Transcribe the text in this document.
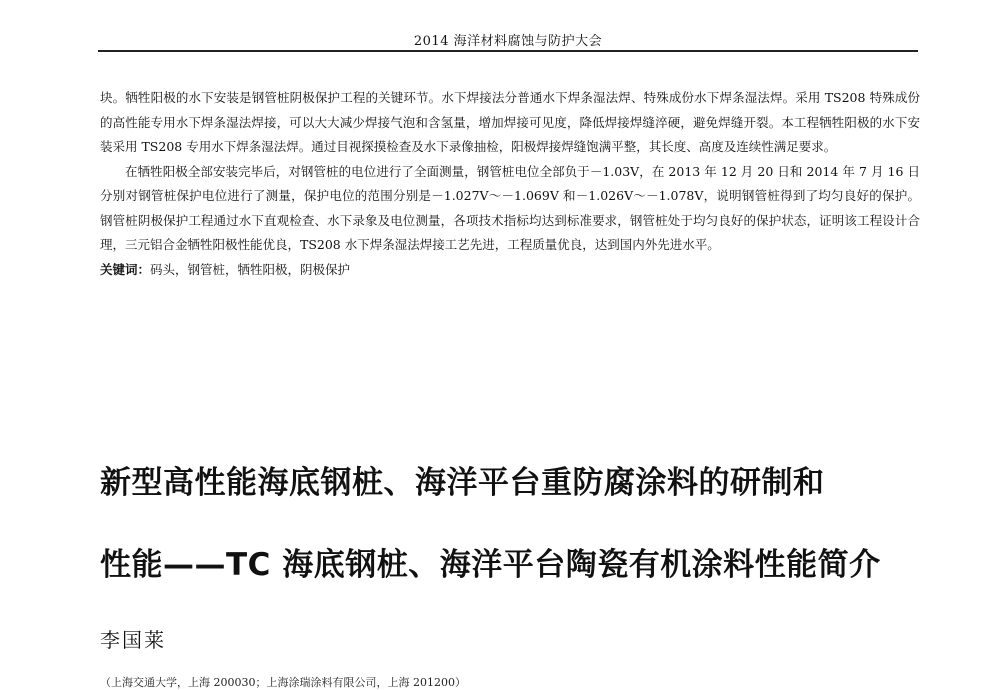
2014 海洋材料腐蚀与防护大会

块。牺牲阳极的水下安装是钢管桩阴极保护工程的关键环节。水下焊接法分普通水下焊条湿法焊、特殊成份水下焊条湿法焊。采用 TS208 特殊成份的高性能专用水下焊条湿法焊接，可以大大减少焊接气泡和含氢量，增加焊接可见度，降低焊接焊缝淬硬，避免焊缝开裂。本工程牺牲阳极的水下安装采用 TS208 专用水下焊条湿法焊。通过目视探摸检查及水下录像抽检，阳极焊接焊缝饱满平整，其长度、高度及连续性满足要求。

在牺牲阳极全部安装完毕后，对钢管桩的电位进行了全面测量，钢管桩电位全部负于－1.03V，在 2013 年 12 月 20 日和 2014 年 7 月 16 日分别对钢管桩保护电位进行了测量，保护电位的范围分别是－1.027V～－1.069V 和－1.026V～－1.078V，说明钢管桩得到了均匀良好的保护。钢管桩阴极保护工程通过水下直观检查、水下录象及电位测量，各项技术指标均达到标准要求，钢管桩处于均匀良好的保护状态，证明该工程设计合理，三元铝合金牺牲阳极性能优良，TS208 水下焊条湿法焊接工艺先进，工程质量优良，达到国内外先进水平。

关键词：码头，钢管桩，牺牲阳极，阴极保护

新型高性能海底钢桩、海洋平台重防腐涂料的研制和
性能——TC 海底钢桩、海洋平台陶瓷有机涂料性能简介
李国莱
（上海交通大学，上海 200030；上海涂瑞涂料有限公司，上海 201200）
